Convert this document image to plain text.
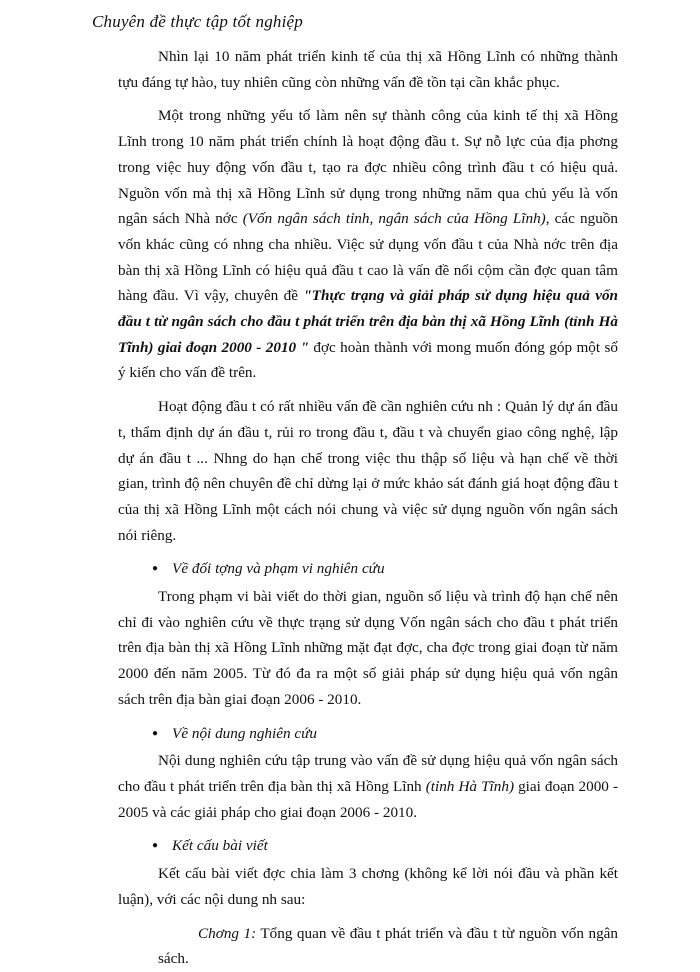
Chuyên đề thực tập tốt nghiệp

Nhìn lại 10 năm phát triển kinh tế của thị xã Hồng Lĩnh có những thành tựu đáng tự hào, tuy nhiên cũng còn những vấn đề tồn tại cần khắc phục.

Một trong những yếu tố làm nên sự thành công của kinh tế thị xã Hồng Lĩnh trong 10 năm phát triển chính là hoạt động đầu t. Sự nỗ lực của địa phơng trong việc huy động vốn đầu t, tạo ra đợc nhiều công trình đầu t có hiệu quả. Nguồn vốn mà thị xã Hồng Lĩnh sử dụng trong những năm qua chủ yếu là vốn ngân sách Nhà nớc (Vốn ngân sách tỉnh, ngân sách của Hồng Lĩnh), các nguồn vốn khác cũng có nhng cha nhiều. Việc sử dụng vốn đầu t của Nhà nớc trên địa bàn thị xã Hồng Lĩnh có hiệu quả đầu t cao là vấn đề nổi cộm cần đợc quan tâm hàng đầu. Vì vậy, chuyên đề "Thực trạng và giải pháp sử dụng hiệu quả vốn đầu t từ ngân sách cho đầu t phát triển trên địa bàn thị xã Hồng Lĩnh (tỉnh Hà Tĩnh) giai đoạn 2000 - 2010 " đợc hoàn thành với mong muốn đóng góp một số ý kiến cho vấn đề trên.

Hoạt động đầu t có rất nhiều vấn đề cần nghiên cứu nh : Quản lý dự án đầu t, thẩm định dự án đầu t, rủi ro trong đầu t, đầu t và chuyển giao công nghệ, lập dự án đầu t ... Nhng do hạn chế trong việc thu thập số liệu và hạn chế về thời gian, trình độ nên chuyên đề chỉ dừng lại ở mức khảo sát đánh giá hoạt động đầu t của thị xã Hồng Lĩnh một cách nói chung và việc sử dụng nguồn vốn ngân sách nói riêng.

● Về đối tợng và phạm vi nghiên cứu

Trong phạm vi bài viết do thời gian, nguồn số liệu và trình độ hạn chế nên chỉ đi vào nghiên cứu về thực trạng sử dụng Vốn ngân sách cho đầu t phát triển trên địa bàn thị xã Hồng Lĩnh những mặt đạt đợc, cha đợc trong giai đoạn từ năm 2000 đến năm 2005. Từ đó đa ra một số giải pháp sử dụng hiệu quả vốn ngân sách trên địa bàn giai đoạn 2006 - 2010.

● Về nội dung nghiên cứu

Nội dung nghiên cứu tập trung vào vấn đề sử dụng hiệu quả vốn ngân sách cho đầu t phát triển trên địa bàn thị xã Hồng Lĩnh (tỉnh Hà Tĩnh) giai đoạn 2000 - 2005 và các giải pháp cho giai đoạn 2006 - 2010.

● Kết cấu bài viết

Kết cấu bài viết đợc chia làm 3 chơng (không kể lời nói đầu và phần kết luận), với các nội dung nh sau:

Chơng 1: Tổng quan về đầu t phát triển và đầu t từ nguồn vốn ngân sách.
